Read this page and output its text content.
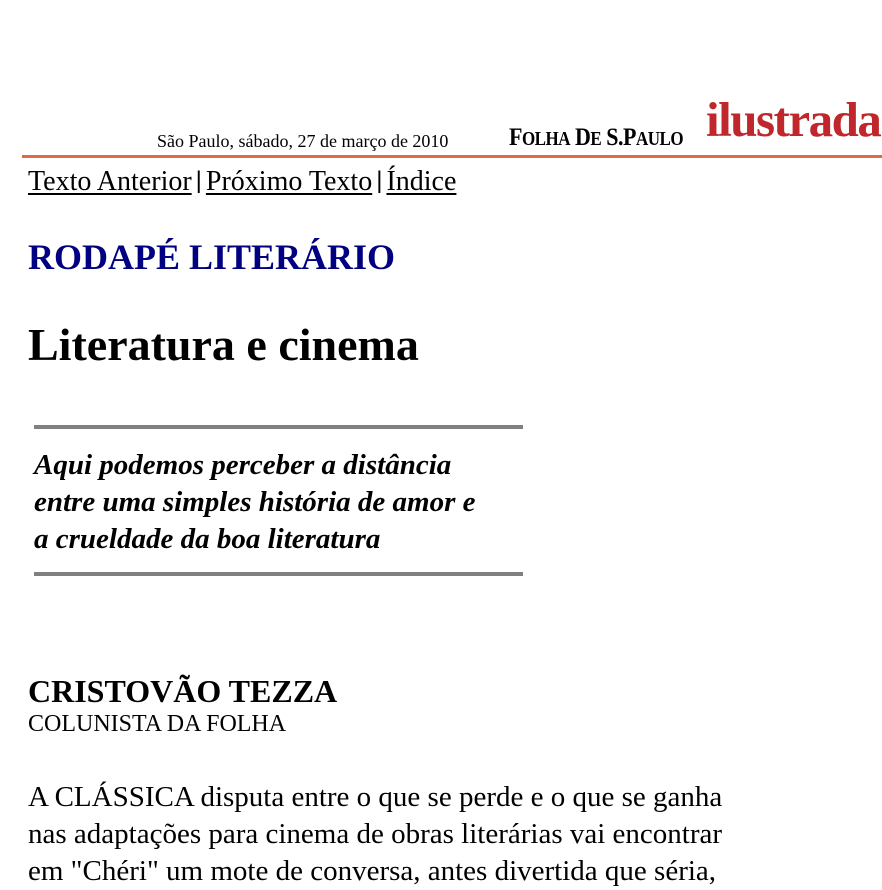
São Paulo, sábado, 27 de março de 2010	FOLHA DE S.PAULO ilustrada
Texto Anterior | Próximo Texto | Índice
RODAPÉ LITERÁRIO
Literatura e cinema
Aqui podemos perceber a distância
entre uma simples história de amor e
a crueldade da boa literatura
CRISTOVÃO TEZZA
COLUNISTA DA FOLHA
A CLÁSSICA disputa entre o que se perde e o que se ganha
nas adaptações para cinema de obras literárias vai encontrar
em "Chéri" um mote de conversa, antes divertida que séria,
